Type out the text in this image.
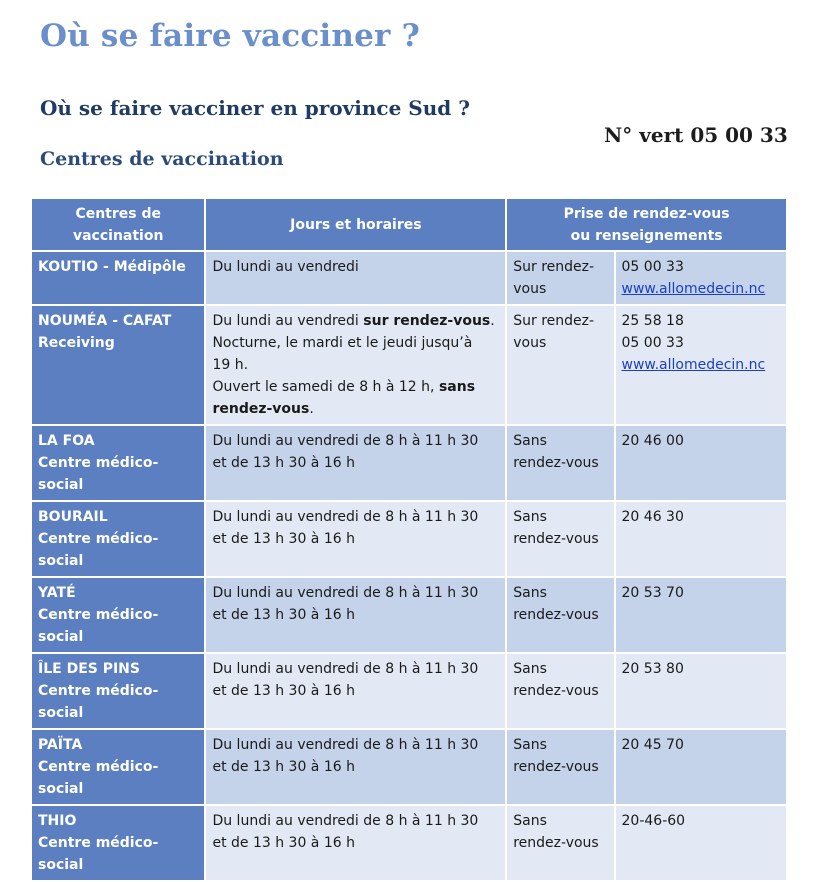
Où se faire vacciner ?
Où se faire vacciner en province Sud ?
N° vert 05 00 33
Centres de vaccination
Centres de
vaccination	Jours et horaires	Prise de rendez-vous
ou renseignements	

KOUTIO - Médipôle	Du lundi au vendredi	Sur rendez-
vous	05 00 33
www.allomedecin.nc

NOUMÉA - CAFAT
Receiving	Du lundi au vendredi sur rendez-vous.
Nocturne, le mardi et le jeudi jusqu’à
19 h.
Ouvert le samedi de 8 h à 12 h, sans
rendez-vous.	Sur rendez-
vous	25 58 18
05 00 33
www.allomedecin.nc

LA FOA
Centre médico-social	Du lundi au vendredi de 8 h à 11 h 30
et de 13 h 30 à 16 h	Sans
rendez-vous	20 46 00

BOURAIL
Centre médico-social	Du lundi au vendredi de 8 h à 11 h 30
et de 13 h 30 à 16 h	Sans
rendez-vous	20 46 30

YATÉ
Centre médico-social	Du lundi au vendredi de 8 h à 11 h 30
et de 13 h 30 à 16 h	Sans
rendez-vous	20 53 70

ÎLE DES PINS
Centre médico-social	Du lundi au vendredi de 8 h à 11 h 30
et de 13 h 30 à 16 h	Sans
rendez-vous	20 53 80

PAÏTA
Centre médico-social	Du lundi au vendredi de 8 h à 11 h 30
et de 13 h 30 à 16 h	Sans
rendez-vous	20 45 70

THIO
Centre médico-social	Du lundi au vendredi de 8 h à 11 h 30
et de 13 h 30 à 16 h	Sans
rendez-vous	20-46-60
